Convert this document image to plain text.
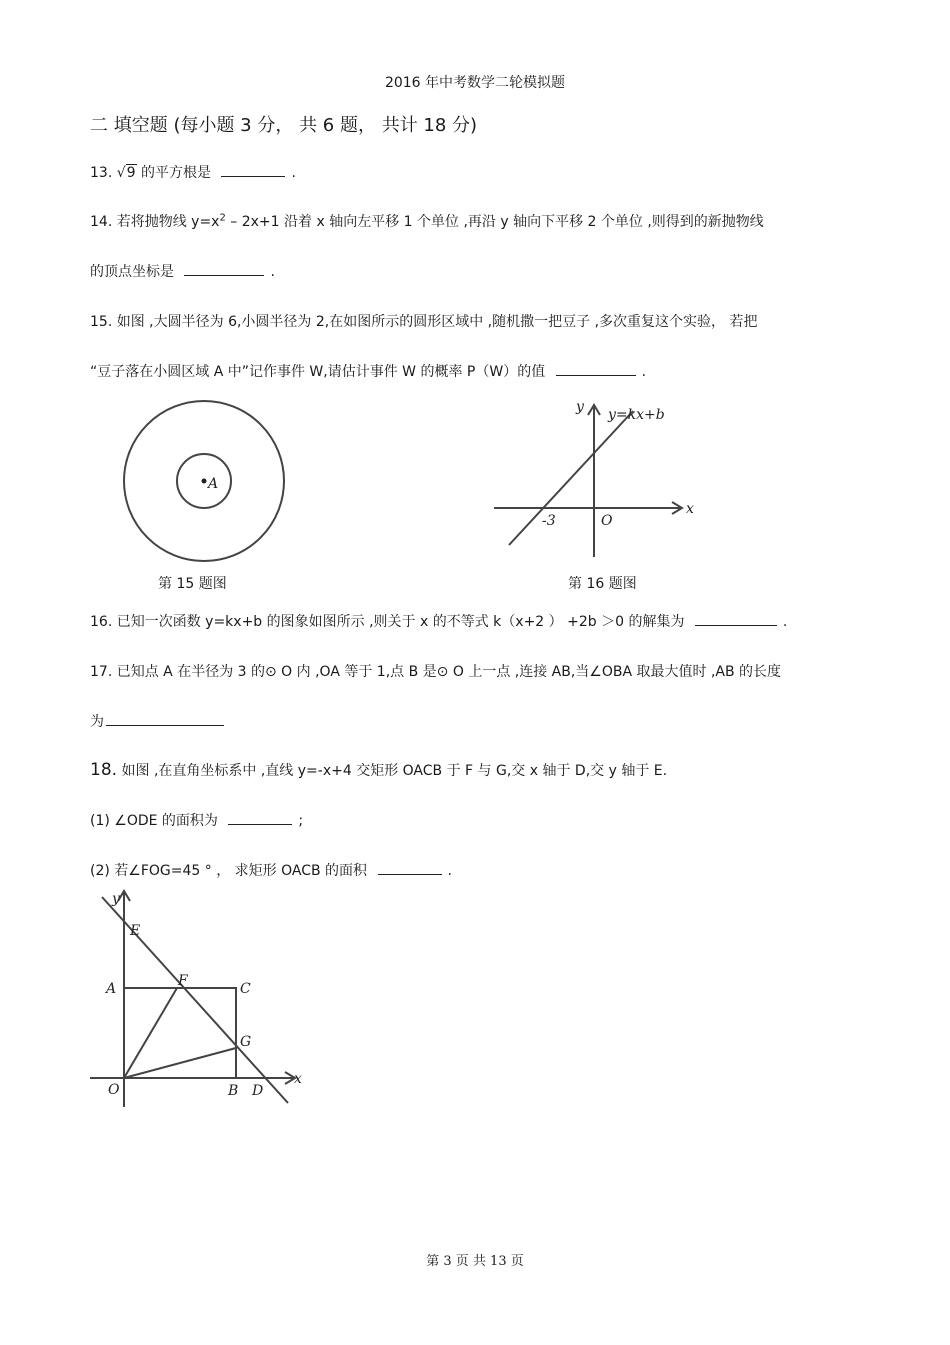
2016 年中考数学二轮模拟题
二 填空题 (每小题 3 分， 共 6 题， 共计 18 分)
13. √9 的平方根是	.
14. 若将抛物线 $y=x^2 - 2x+1$ 沿着 x 轴向左平移 1 个单位 ,再沿 y 轴向下平移 2 个单位 ,则得到的新抛物线
的顶点坐标是	.
15. 如图 ,大圆半径为 6,小圆半径为 2,在如图所示的圆形区域中 ,随机撒一把豆子 ,多次重复这个实验， 若把
“豆子落在小圆区域 A 中”记作事件 W,请估计事件 W 的概率 P（W）的值	.
A
第 15 题图
y
x
y=kx+b
-3	O
第 16 题图
16. 已知一次函数 y=kx+b 的图象如图所示 ,则关于 x 的不等式 k（x+2 ） +2b ＞0 的解集为	.
17. 已知点 A 在半径为 3 的⊙ O 内 ,OA 等于 1,点 B 是⊙ O 上一点 ,连接 AB,当∠OBA 取最大值时 ,AB 的长度
为
18. 如图 ,在直角坐标系中 ,直线 y=-x+4 交矩形 OACB 于 F 与 G,交 x 轴于 D,交 y 轴于 E.
(1) ∠ODE 的面积为	;
(2) 若∠FOG=45 ° ， 求矩形 OACB 的面积	.
y
E
A	F	C
G
O	B D
x
第 3 页 共 13 页
